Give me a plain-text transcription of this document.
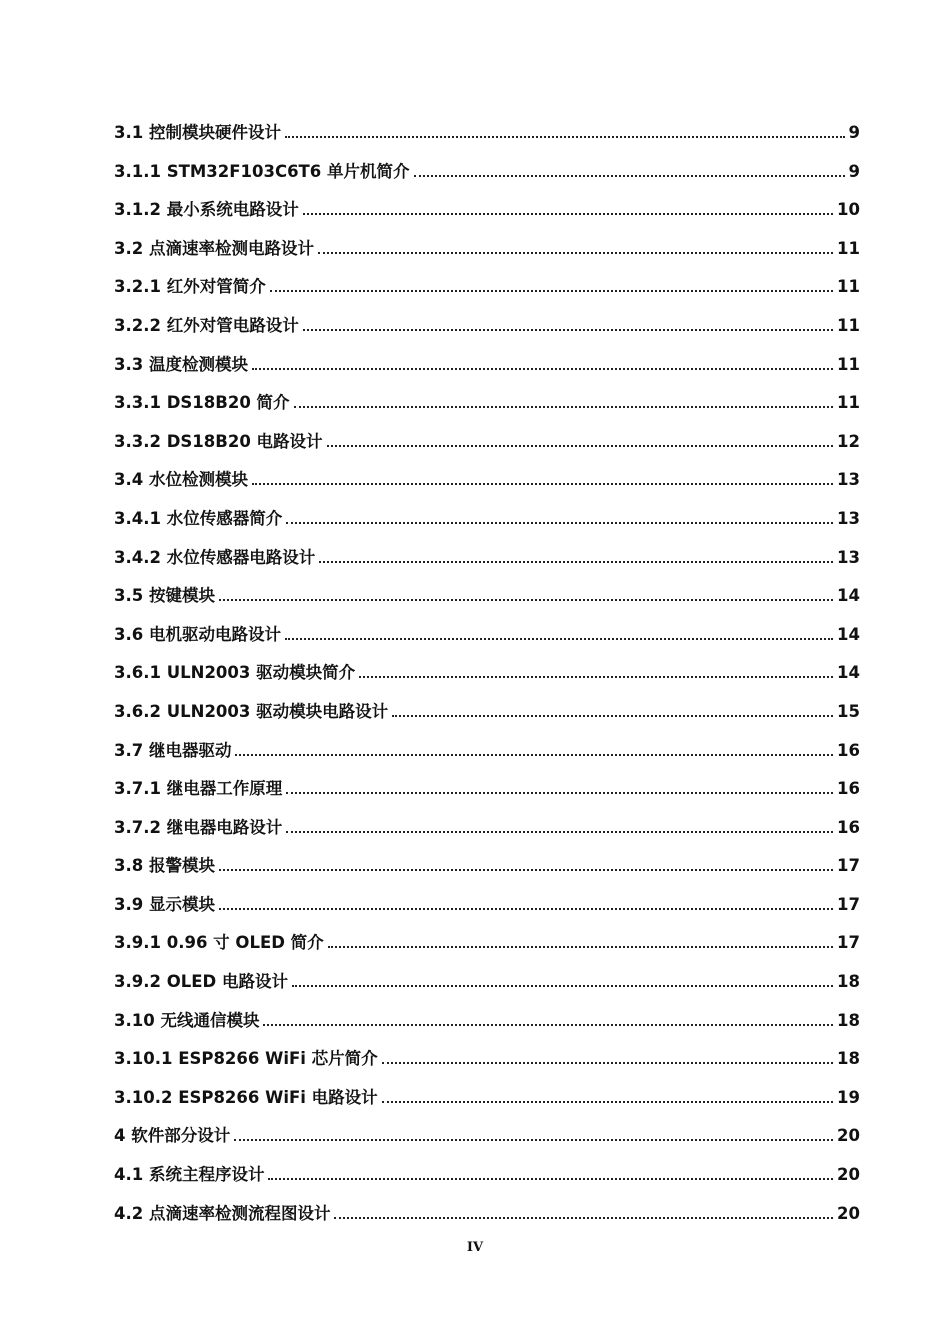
3.1 控制模块硬件设计	9
3.1.1 STM32F103C6T6 单片机简介	9
3.1.2 最小系统电路设计	10
3.2 点滴速率检测电路设计	11
3.2.1 红外对管简介	11
3.2.2 红外对管电路设计	11
3.3 温度检测模块	11
3.3.1 DS18B20 简介	11
3.3.2 DS18B20 电路设计	12
3.4 水位检测模块	13
3.4.1 水位传感器简介	13
3.4.2 水位传感器电路设计	13
3.5 按键模块	14
3.6 电机驱动电路设计	14
3.6.1 ULN2003 驱动模块简介	14
3.6.2 ULN2003 驱动模块电路设计	15
3.7 继电器驱动	16
3.7.1 继电器工作原理	16
3.7.2 继电器电路设计	16
3.8 报警模块	17
3.9 显示模块	17
3.9.1 0.96 寸 OLED 简介	17
3.9.2 OLED 电路设计	18
3.10 无线通信模块	18
3.10.1 ESP8266 WiFi 芯片简介	18
3.10.2 ESP8266 WiFi 电路设计	19
4 软件部分设计	20
4.1 系统主程序设计	20
4.2 点滴速率检测流程图设计	20
IV
